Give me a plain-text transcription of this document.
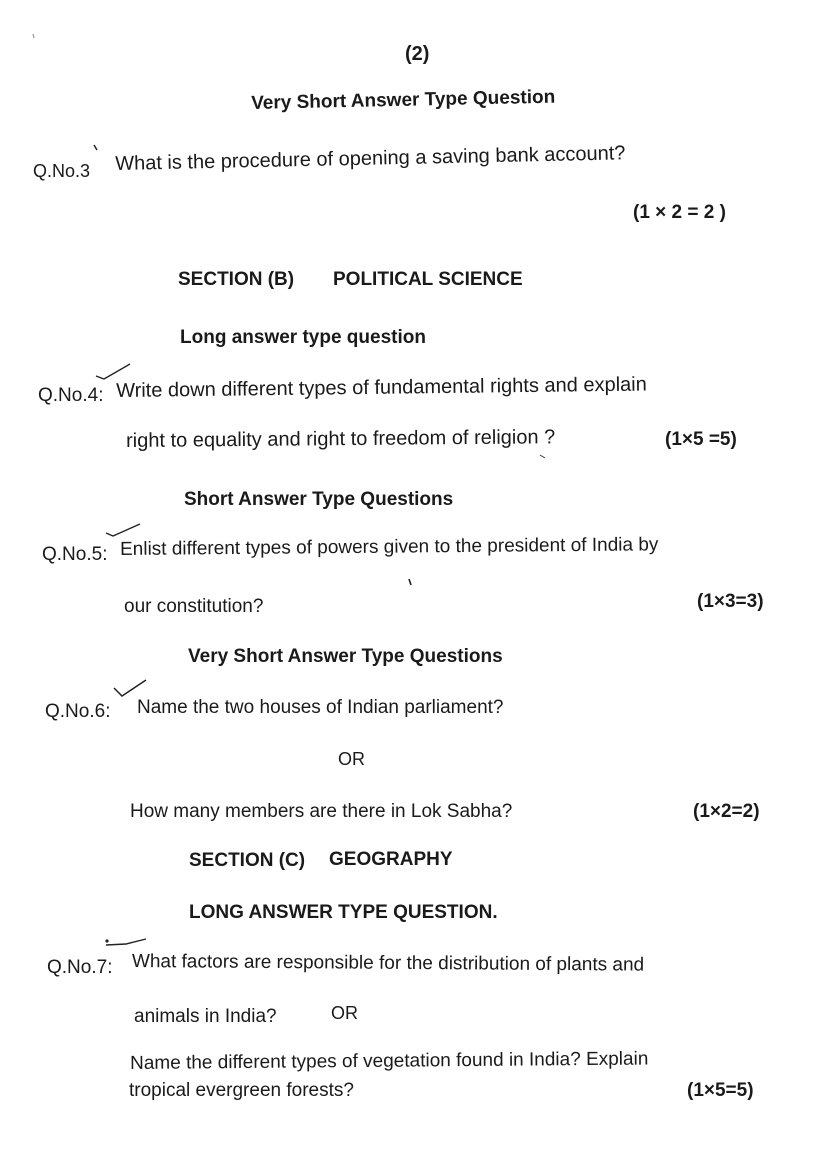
(2)
Very Short Answer Type Question
Q.No.3 What is the procedure of opening a saving bank account?
(1 × 2 = 2 )
SECTION (B) POLITICAL SCIENCE
Long answer type question
Q.No.4: Write down different types of fundamental rights and explain
right to equality and right to freedom of religion ?	(1×5 =5)
Short Answer Type Questions
Q.No.5: Enlist different types of powers given to the president of India by
our constitution?	(1×3=3)
Very Short Answer Type Questions
Q.No.6: Name the two houses of Indian parliament?
OR
How many members are there in Lok Sabha?	(1×2=2)
SECTION (C) GEOGRAPHY
LONG ANSWER TYPE QUESTION.
Q.No.7: What factors are responsible for the distribution of plants and
animals in India?	OR
Name the different types of vegetation found in India? Explain
tropical evergreen forests?	(1×5=5)
